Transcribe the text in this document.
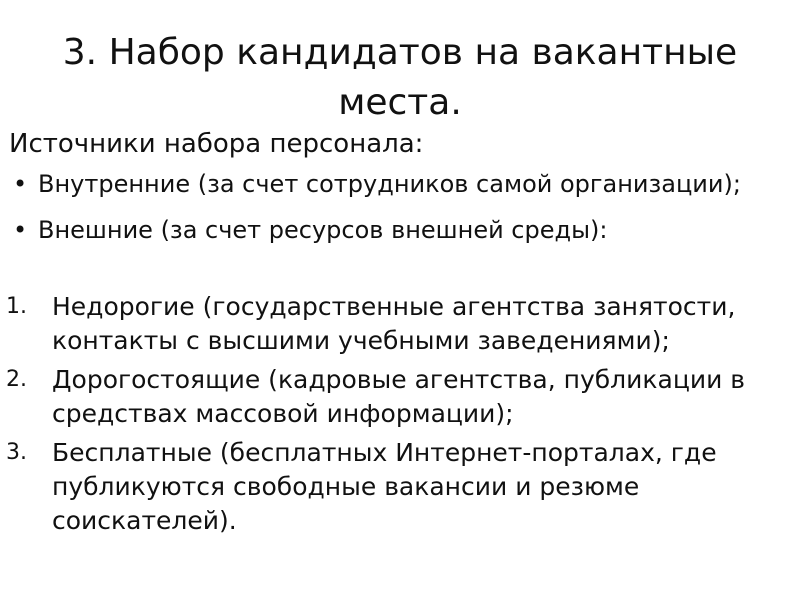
3. Набор кандидатов на вакантные места.

Источники набора персонала:

• Внутренние (за счет сотрудников самой организации);
• Внешние (за счет ресурсов внешней среды):
1.	Недорогие (государственные агентства занятости, контакты с высшими учебными заведениями);
2.	Дорогостоящие (кадровые агентства, публикации в средствах массовой информации);
3.	Бесплатные (бесплатных Интернет-порталах, где публикуются свободные вакансии и резюме соискателей).
